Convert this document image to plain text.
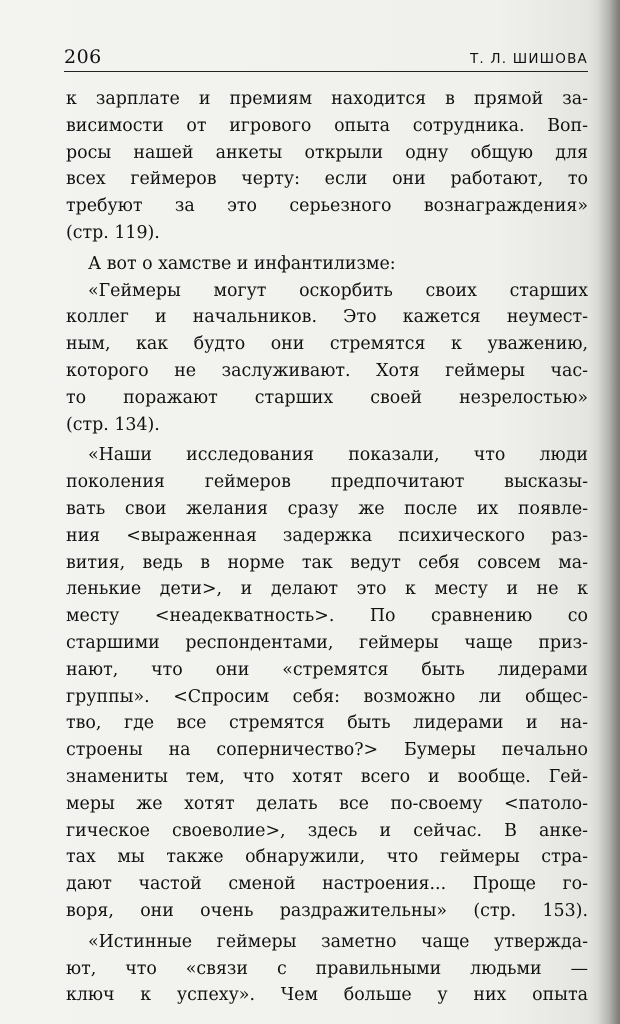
206	Т. Л. ШИШОВА
к зарплате и премиям находится в прямой за-
висимости от игрового опыта сотрудника. Воп-
росы нашей анкеты открыли одну общую для
всех геймеров черту: если они работают, то
требуют за это серьезного вознаграждения»
(стр. 119).
А вот о хамстве и инфантилизме:
«Геймеры могут оскорбить своих старших
коллег и начальников. Это кажется неумест-
ным, как будто они стремятся к уважению,
которого не заслуживают. Хотя геймеры час-
то поражают старших своей незрелостью»
(стр. 134).
«Наши исследования показали, что люди
поколения геймеров предпочитают высказы-
вать свои желания сразу же после их появле-
ния <выраженная задержка психического раз-
вития, ведь в норме так ведут себя совсем ма-
ленькие дети>, и делают это к месту и не к
месту <неадекватность>. По сравнению со
старшими респондентами, геймеры чаще приз-
нают, что они «стремятся быть лидерами
группы». <Спросим себя: возможно ли общес-
тво, где все стремятся быть лидерами и на-
строены на соперничество?> Бумеры печально
знамениты тем, что хотят всего и вообще. Гей-
меры же хотят делать все по-своему <патоло-
гическое своеволие>, здесь и сейчас. В анке-
тах мы также обнаружили, что геймеры стра-
дают частой сменой настроения... Проще го-
воря, они очень раздражительны» (стр. 153).
«Истинные геймеры заметно чаще утвержда-
ют, что «связи с правильными людьми —
ключ к успеху». Чем больше у них опыта
